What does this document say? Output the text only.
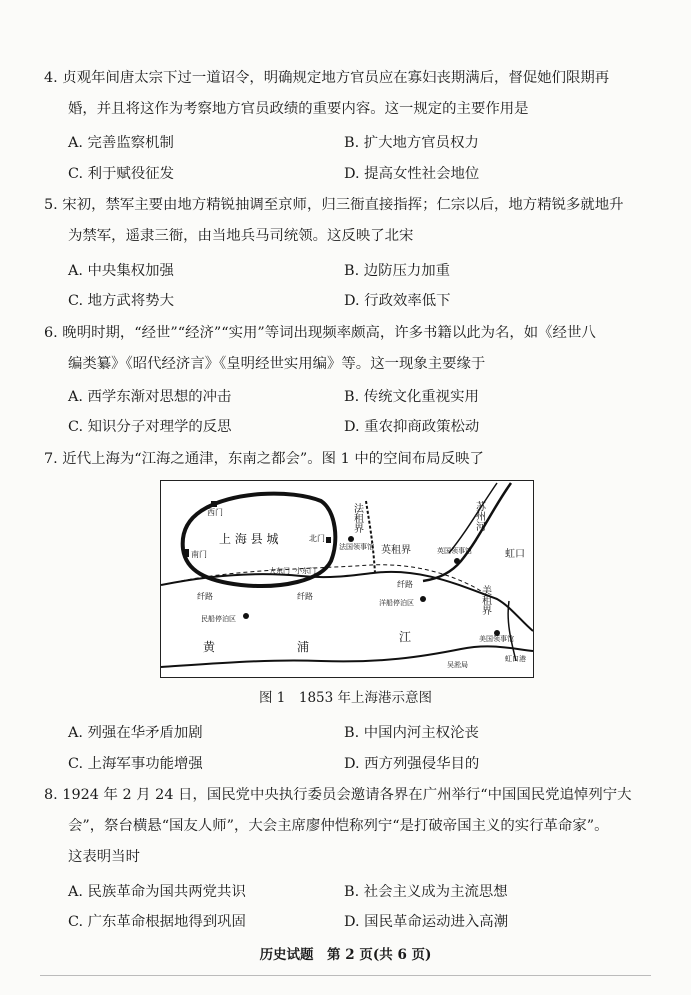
4. 贞观年间唐太宗下过一道诏令，明确规定地方官员应在寡妇丧期满后，督促她们限期再

婚，并且将这作为考察地方官员政绩的重要内容。这一规定的主要作用是

A. 完善监察机制	B. 扩大地方官员权力
C. 利于赋役征发	D. 提高女性社会地位

5. 宋初，禁军主要由地方精锐抽调至京师，归三衙直接指挥；仁宗以后，地方精锐多就地升

为禁军，遥隶三衙，由当地兵马司统领。这反映了北宋

A. 中央集权加强	B. 边防压力加重
C. 地方武将势大	D. 行政效率低下

6. 晚明时期，“经世”“经济”“实用”等词出现频率颇高，许多书籍以此为名，如《经世八

编类纂》《昭代经济言》《皇明经世实用编》等。这一现象主要缘于

A. 西学东渐对思想的冲击	B. 传统文化重视实用
C. 知识分子对理学的反思	D. 重农抑商政策松动

7. 近代上海为“江海之通津，东南之都会”。图 1 中的空间布局反映了

西门
上 海 县 城
南门
北门
大东门 小东门
法租界
法国领事馆 英租界	英国领事馆
苏州河
虹口
美租界
美国领事馆
纤路	纤路
纤路
民船停泊区
洋船停泊区
黄	浦
江
吴淞局
虹口港
图 1　1853 年上海港示意图
A. 列强在华矛盾加剧	B. 中国内河主权沦丧
C. 上海军事功能增强	D. 西方列强侵华目的

8. 1924 年 2 月 24 日，国民党中央执行委员会邀请各界在广州举行“中国国民党追悼列宁大

会”，祭台横悬“国友人师”，大会主席廖仲恺称列宁“是打破帝国主义的实行革命家”。

这表明当时

A. 民族革命为国共两党共识	B. 社会主义成为主流思想
C. 广东革命根据地得到巩固	D. 国民革命运动进入高潮
历史试题　第 2 页(共 6 页)
